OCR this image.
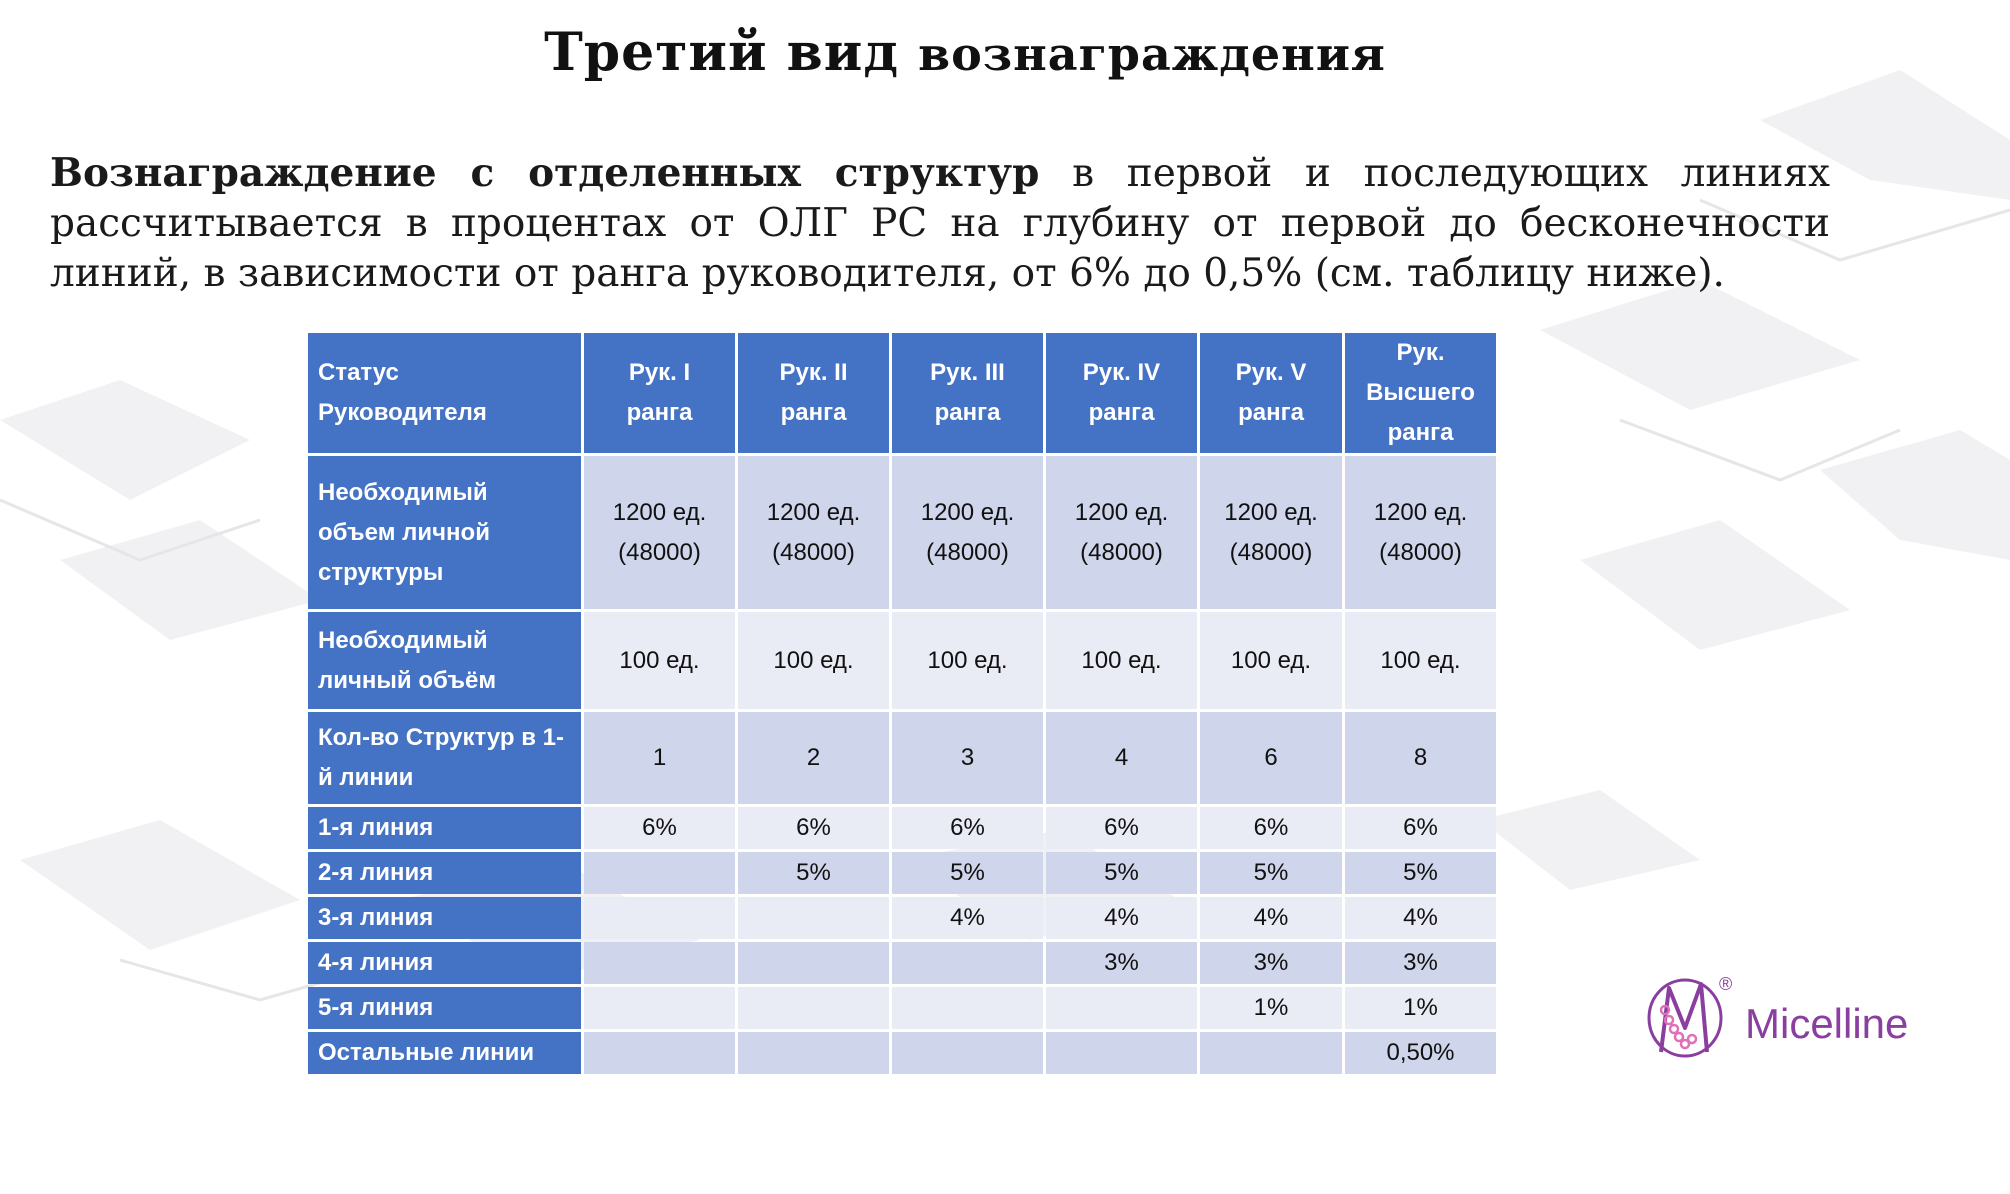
Третий вид вознаграждения
Вознаграждение с отделенных структур в первой и последующих линиях рассчитывается в процентах от ОЛГ РС на глубину от первой до бесконечности линий, в зависимости от ранга руководителя, от 6% до 0,5% (см. таблицу ниже).
Статус Руководителя	Рук. I ранга	Рук. II ранга	Рук. III ранга	Рук. IV ранга	Рук. V ранга	Рук. Высшего ранга
Необходимый объем личной структуры	1200 ед. (48000)	1200 ед. (48000)	1200 ед. (48000)	1200 ед. (48000)	1200 ед. (48000)	1200 ед. (48000)
Необходимый личный объём	100 ед.	100 ед.	100 ед.	100 ед.	100 ед.	100 ед.
Кол-во Структур в 1-й линии	1	2	3	4	6	8
1-я линия	6%	6%	6%	6%	6%	6%
2-я линия		5%	5%	5%	5%	5%
3-я линия			4%	4%	4%	4%
4-я линия				3%	3%	3%
5-я линия					1%	1%
Остальные линии						0,50%
®
Micelline
